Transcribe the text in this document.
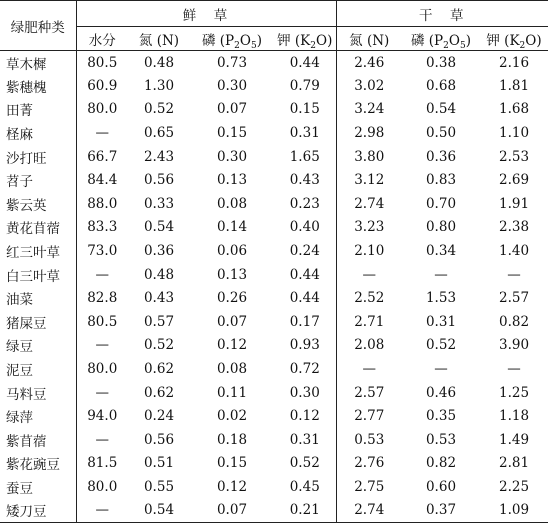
绿肥种类	鲜　草				干　草		
	水分	氮 (N)	磷 $(P_2O_5)$	钾 $(K_2O)$	氮 (N)	磷 $(P_2O_5)$	钾 $(K_2O)$
草木樨	80.5	0.48	0.73	0.44	2.46	0.38	2.16
紫穗槐	60.9	1.30	0.30	0.79	3.02	0.68	1.81
田菁	80.0	0.52	0.07	0.15	3.24	0.54	1.68
柽麻	—	0.65	0.15	0.31	2.98	0.50	1.10
沙打旺	66.7	2.43	0.30	1.65	3.80	0.36	2.53
苕子	84.4	0.56	0.13	0.43	3.12	0.83	2.69
紫云英	88.0	0.33	0.08	0.23	2.74	0.70	1.91
黄花苜蓿	83.3	0.54	0.14	0.40	3.23	0.80	2.38
红三叶草	73.0	0.36	0.06	0.24	2.10	0.34	1.40
白三叶草	—	0.48	0.13	0.44	—	—	—
油菜	82.8	0.43	0.26	0.44	2.52	1.53	2.57
猪屎豆	80.5	0.57	0.07	0.17	2.71	0.31	0.82
绿豆	—	0.52	0.12	0.93	2.08	0.52	3.90
泥豆	80.0	0.62	0.08	0.72	—	—	—
马料豆	—	0.62	0.11	0.30	2.57	0.46	1.25
绿萍	94.0	0.24	0.02	0.12	2.77	0.35	1.18
紫苜蓿	—	0.56	0.18	0.31	0.53	0.53	1.49
紫花豌豆	81.5	0.51	0.15	0.52	2.76	0.82	2.81
蚕豆	80.0	0.55	0.12	0.45	2.75	0.60	2.25
矮刀豆	—	0.54	0.07	0.21	2.74	0.37	1.09
